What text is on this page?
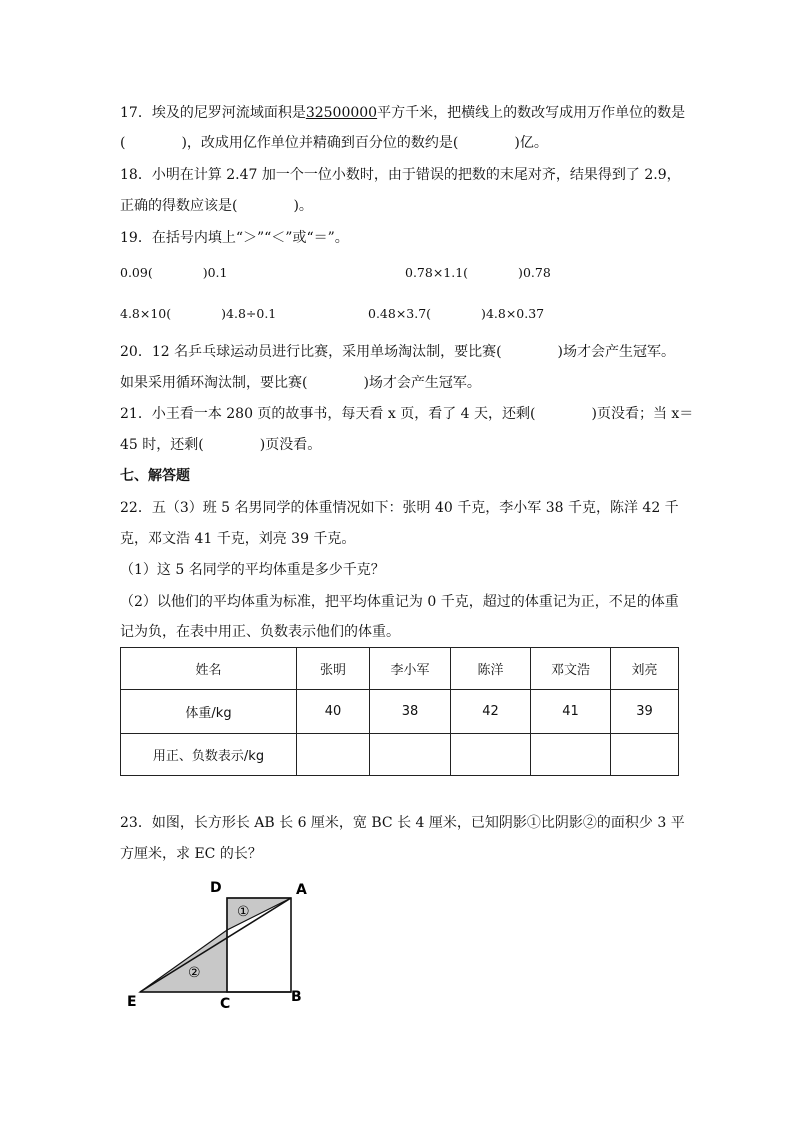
17．埃及的尼罗河流域面积是32500000平方千米，把横线上的数改写成用万作单位的数是
(　　　　)，改成用亿作单位并精确到百分位的数约是(　　　　)亿。
18．小明在计算 2.47 加一个一位小数时，由于错误的把数的末尾对齐，结果得到了 2.9，
正确的得数应该是(　　　　)。
19．在括号内填上“＞”“＜”或“＝”。
0.09(　　　　)0.1	0.78×1.1(　　　　)0.78
4.8×10(　　　　)4.8÷0.1	0.48×3.7(　　　　)4.8×0.37
20．12 名乒乓球运动员进行比赛，采用单场淘汰制，要比赛(　　　　)场才会产生冠军。
如果采用循环淘汰制，要比赛(　　　　)场才会产生冠军。
21．小王看一本 280 页的故事书，每天看 x 页，看了 4 天，还剩(　　　　)页没看；当 x＝
45 时，还剩(　　　　)页没看。
七、解答题
22．五（3）班 5 名男同学的体重情况如下：张明 40 千克，李小军 38 千克，陈洋 42 千
克，邓文浩 41 千克，刘亮 39 千克。
（1）这 5 名同学的平均体重是多少千克？
（2）以他们的平均体重为标准，把平均体重记为 0 千克，超过的体重记为正，不足的体重
记为负，在表中用正、负数表示他们的体重。
姓名	张明	李小军	陈洋	邓文浩	刘亮
体重/kg	40	38	42	41	39
用正、负数表示/kg					
23．如图，长方形长 AB 长 6 厘米，宽 BC 长 4 厘米，已知阴影①比阴影②的面积少 3 平
方厘米，求 EC 的长？
D	A
E	C	B
①
②
